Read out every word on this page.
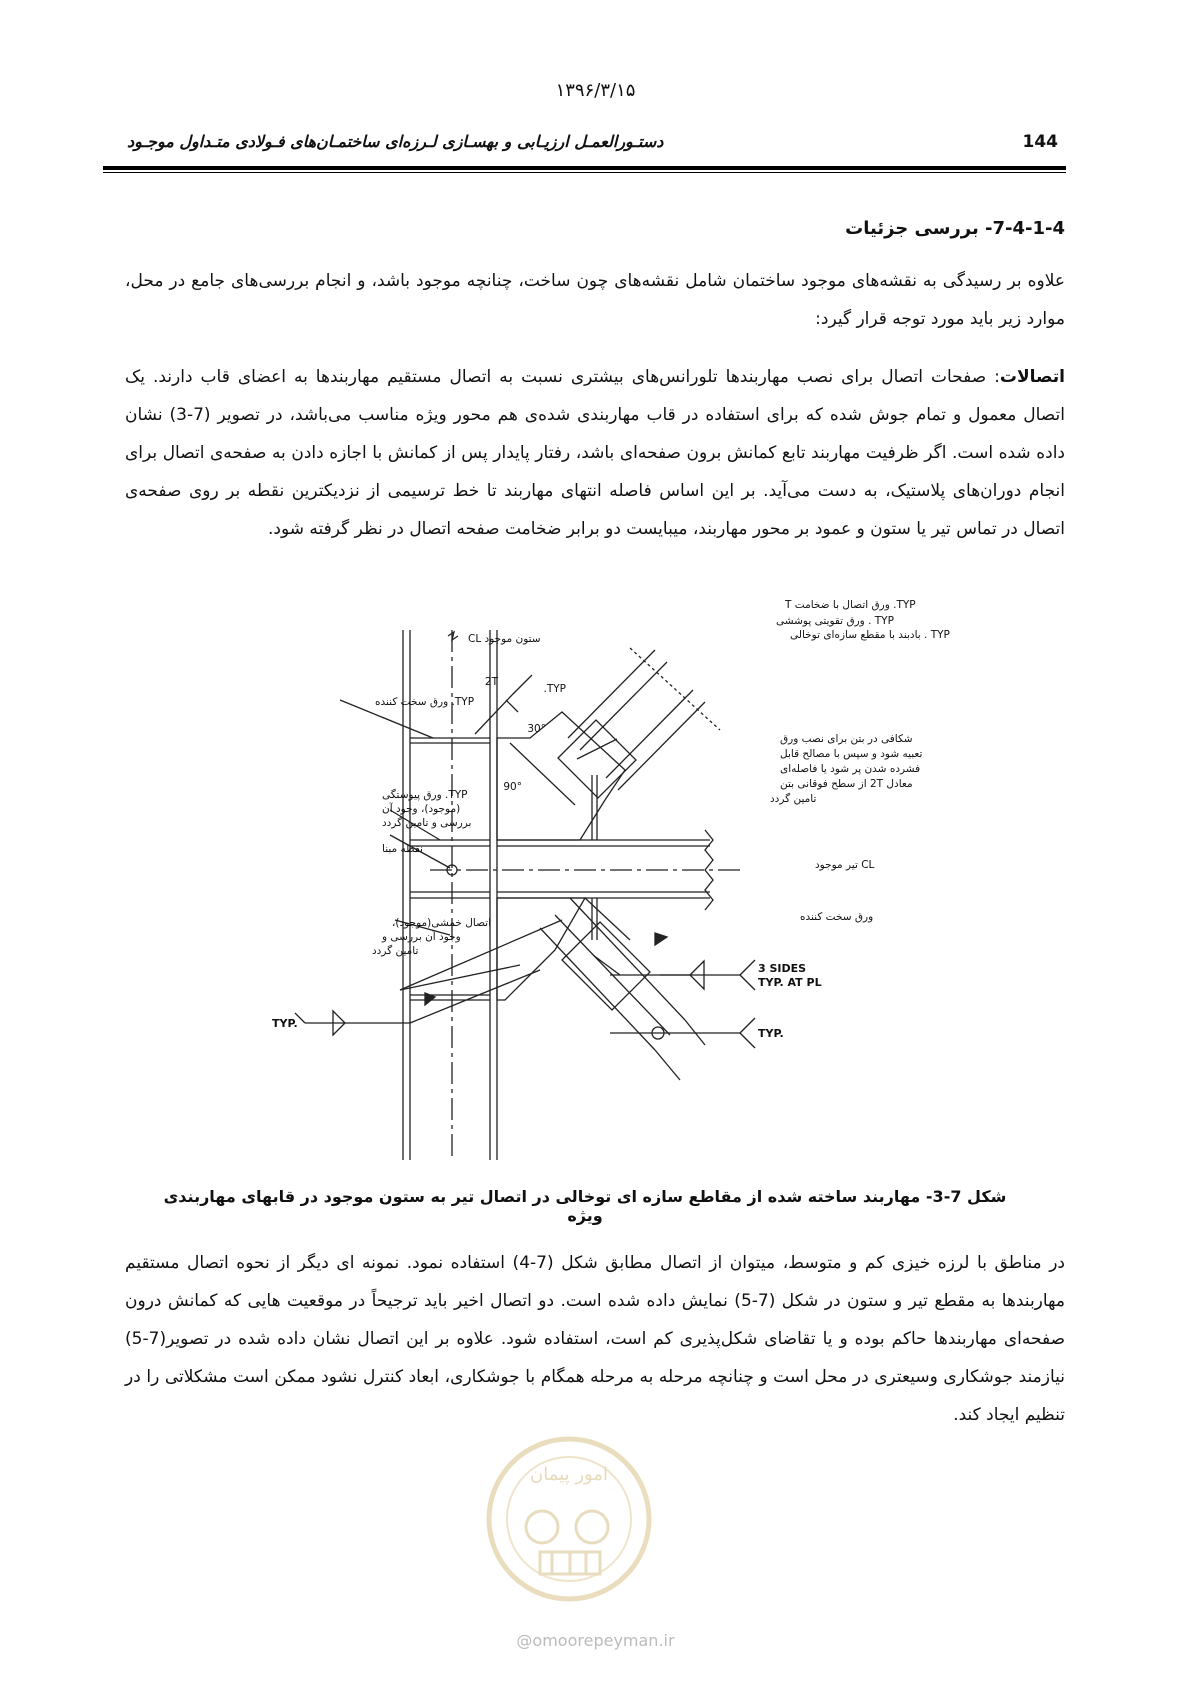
۱۳۹۶/۳/۱۵
144
دستـورالعمـل ارزیـابی و بهسـازی لـرزه‌ای ساختمـان‌های فـولادی متـداول موجـود
7-4-1-4- بررسی جزئیات
علاوه بر رسیدگی به نقشه‌های موجود ساختمان شامل نقشه‌های چون ساخت، چنانچه موجود باشد، و انجام بررسی‌های جامع در محل، موارد زیر باید مورد توجه قرار گیرد:
اتصالات: صفحات اتصال برای نصب مهاربندها تلورانس‌های بیشتری نسبت به اتصال مستقیم مهاربندها به اعضای قاب دارند. یک اتصال معمول و تمام جوش شده که برای استفاده در قاب مهاربندی شده‌ی هم محور ویژه مناسب می‌باشد، در تصویر (7-3) نشان داده شده است. اگر ظرفیت مهاربند تابع کمانش برون صفحه‌ای باشد، رفتار پایدار پس از کمانش با اجازه دادن به صفحه‌ی اتصال برای انجام دوران‌های پلاستیک، به دست می‌آید. بر این اساس فاصله انتهای مهاربند تا خط ترسیمی از نزدیکترین نقطه بر روی صفحه‌ی اتصال در تماس تیر یا ستون و عمود بر محور مهاربند، میبایست دو برابر ضخامت صفحه اتصال در نظر گرفته شود.
ستون موجود CL
TYP. ورق اتصال با ضخامت T
TYP . ورق تقویتی پوششی
TYP . بادبند با مقطع سازه‌ای توخالی
TYP. ورق سخت کننده
30°
90°
2T
TYP.
شکافی در بتن برای نصب ورق
تعبیه شود و سپس با مصالح قابل
فشرده شدن پر شود یا فاصله‌ای
معادل 2T از سطح فوقانی بتن
تامین گردد
TYP. ورق پیوستگی
(موجود)، وجود آن
بررسی و تامین گردد
نقطه مبنا
CL تیر موجود
ورق سخت کننده
اتصال خمشی(موجود)،
وجود آن بررسی و
تامین گردد
3 SIDES
TYP. AT PL
TYP.
TYP.
شکل 7-3- مهاربند ساخته شده از مقاطع سازه ای توخالی در اتصال تیر به ستون موجود در قابهای مهاربندی ویژه
در مناطق با لرزه خیزی کم و متوسط، میتوان از اتصال مطابق شکل (7-4) استفاده نمود. نمونه ای دیگر از نحوه اتصال مستقیم مهاربندها به مقطع تیر و ستون در شکل (7-5) نمایش داده شده است. دو اتصال اخیر باید ترجیحاً در موقعیت هایی که کمانش درون صفحه‌ای مهاربندها حاکم بوده و یا تقاضای شکل‌پذیری کم است، استفاده شود. علاوه بر این اتصال نشان داده شده در تصویر(7-5) نیازمند جوشکاری وسیعتری در محل است و چنانچه مرحله به مرحله همگام با جوشکاری، ابعاد کنترل نشود ممکن است مشکلاتی را در تنظیم ایجاد کند.
امور پیمان
@omoorepeyman.ir
